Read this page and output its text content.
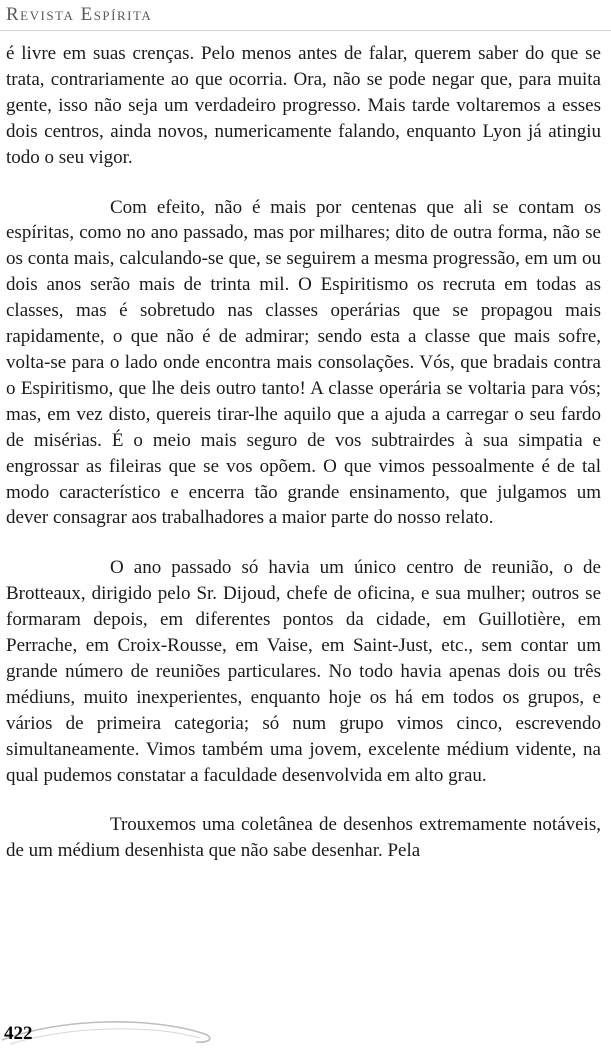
Revista Espírita

é livre em suas crenças. Pelo menos antes de falar, querem saber do que se trata, contrariamente ao que ocorria. Ora, não se pode negar que, para muita gente, isso não seja um verdadeiro progresso. Mais tarde voltaremos a esses dois centros, ainda novos, numericamente falando, enquanto Lyon já atingiu todo o seu vigor.

Com efeito, não é mais por centenas que ali se contam os espíritas, como no ano passado, mas por milhares; dito de outra forma, não se os conta mais, calculando-se que, se seguirem a mesma progressão, em um ou dois anos serão mais de trinta mil. O Espiritismo os recruta em todas as classes, mas é sobretudo nas classes operárias que se propagou mais rapidamente, o que não é de admirar; sendo esta a classe que mais sofre, volta-se para o lado onde encontra mais consolações. Vós, que bradais contra o Espiritismo, que lhe deis outro tanto! A classe operária se voltaria para vós; mas, em vez disto, quereis tirar-lhe aquilo que a ajuda a carregar o seu fardo de misérias. É o meio mais seguro de vos subtrairdes à sua simpatia e engrossar as fileiras que se vos opõem. O que vimos pessoalmente é de tal modo característico e encerra tão grande ensinamento, que julgamos um dever consagrar aos trabalhadores a maior parte do nosso relato.

O ano passado só havia um único centro de reunião, o de Brotteaux, dirigido pelo Sr. Dijoud, chefe de oficina, e sua mulher; outros se formaram depois, em diferentes pontos da cidade, em Guillotière, em Perrache, em Croix-Rousse, em Vaise, em Saint-Just, etc., sem contar um grande número de reuniões particulares. No todo havia apenas dois ou três médiuns, muito inexperientes, enquanto hoje os há em todos os grupos, e vários de primeira categoria; só num grupo vimos cinco, escrevendo simultaneamente. Vimos também uma jovem, excelente médium vidente, na qual pudemos constatar a faculdade desenvolvida em alto grau.

Trouxemos uma coletânea de desenhos extremamente notáveis, de um médium desenhista que não sabe desenhar. Pela

422
